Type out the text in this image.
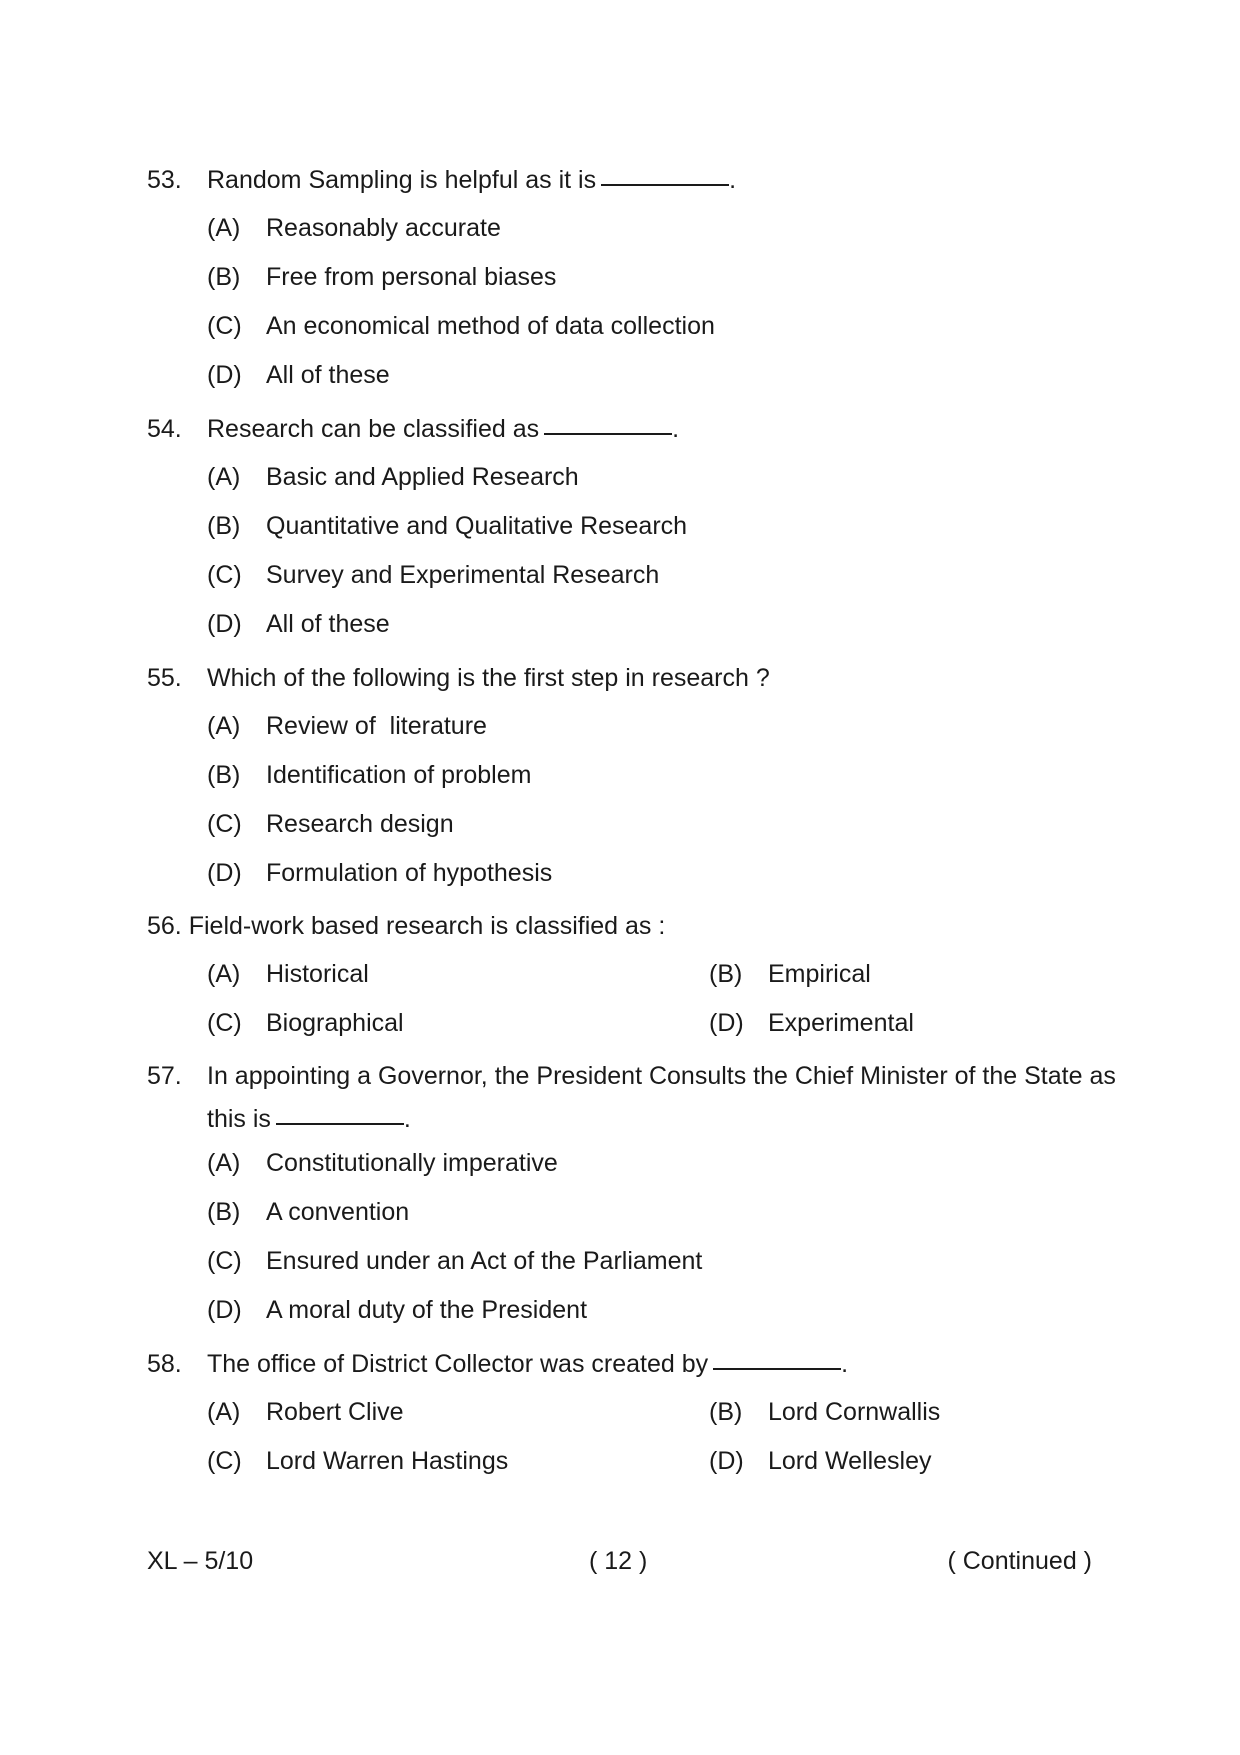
53. Random Sampling is helpful as it is	.
(A) Reasonably accurate
(B) Free from personal biases
(C) An economical method of data collection
(D) All of these
54. Research can be classified as	.
(A) Basic and Applied Research
(B) Quantitative and Qualitative Research
(C) Survey and Experimental Research
(D) All of these
55. Which of the following is the first step in research ?
(A) Review of  literature
(B) Identification of problem
(C) Research design
(D) Formulation of hypothesis
56. Field-work based research is classified as :
(A) Historical	(B) Empirical
(C) Biographical	(D) Experimental
57. In appointing a Governor, the President Consults the Chief Minister of the State as
this is	.
(A) Constitutionally imperative
(B) A convention
(C) Ensured under an Act of the Parliament
(D) A moral duty of the President
58. The office of District Collector was created by	.
(A) Robert Clive	(B) Lord Cornwallis
(C) Lord Warren Hastings	(D) Lord Wellesley
XL – 5/10	( 12 )	( Continued )
